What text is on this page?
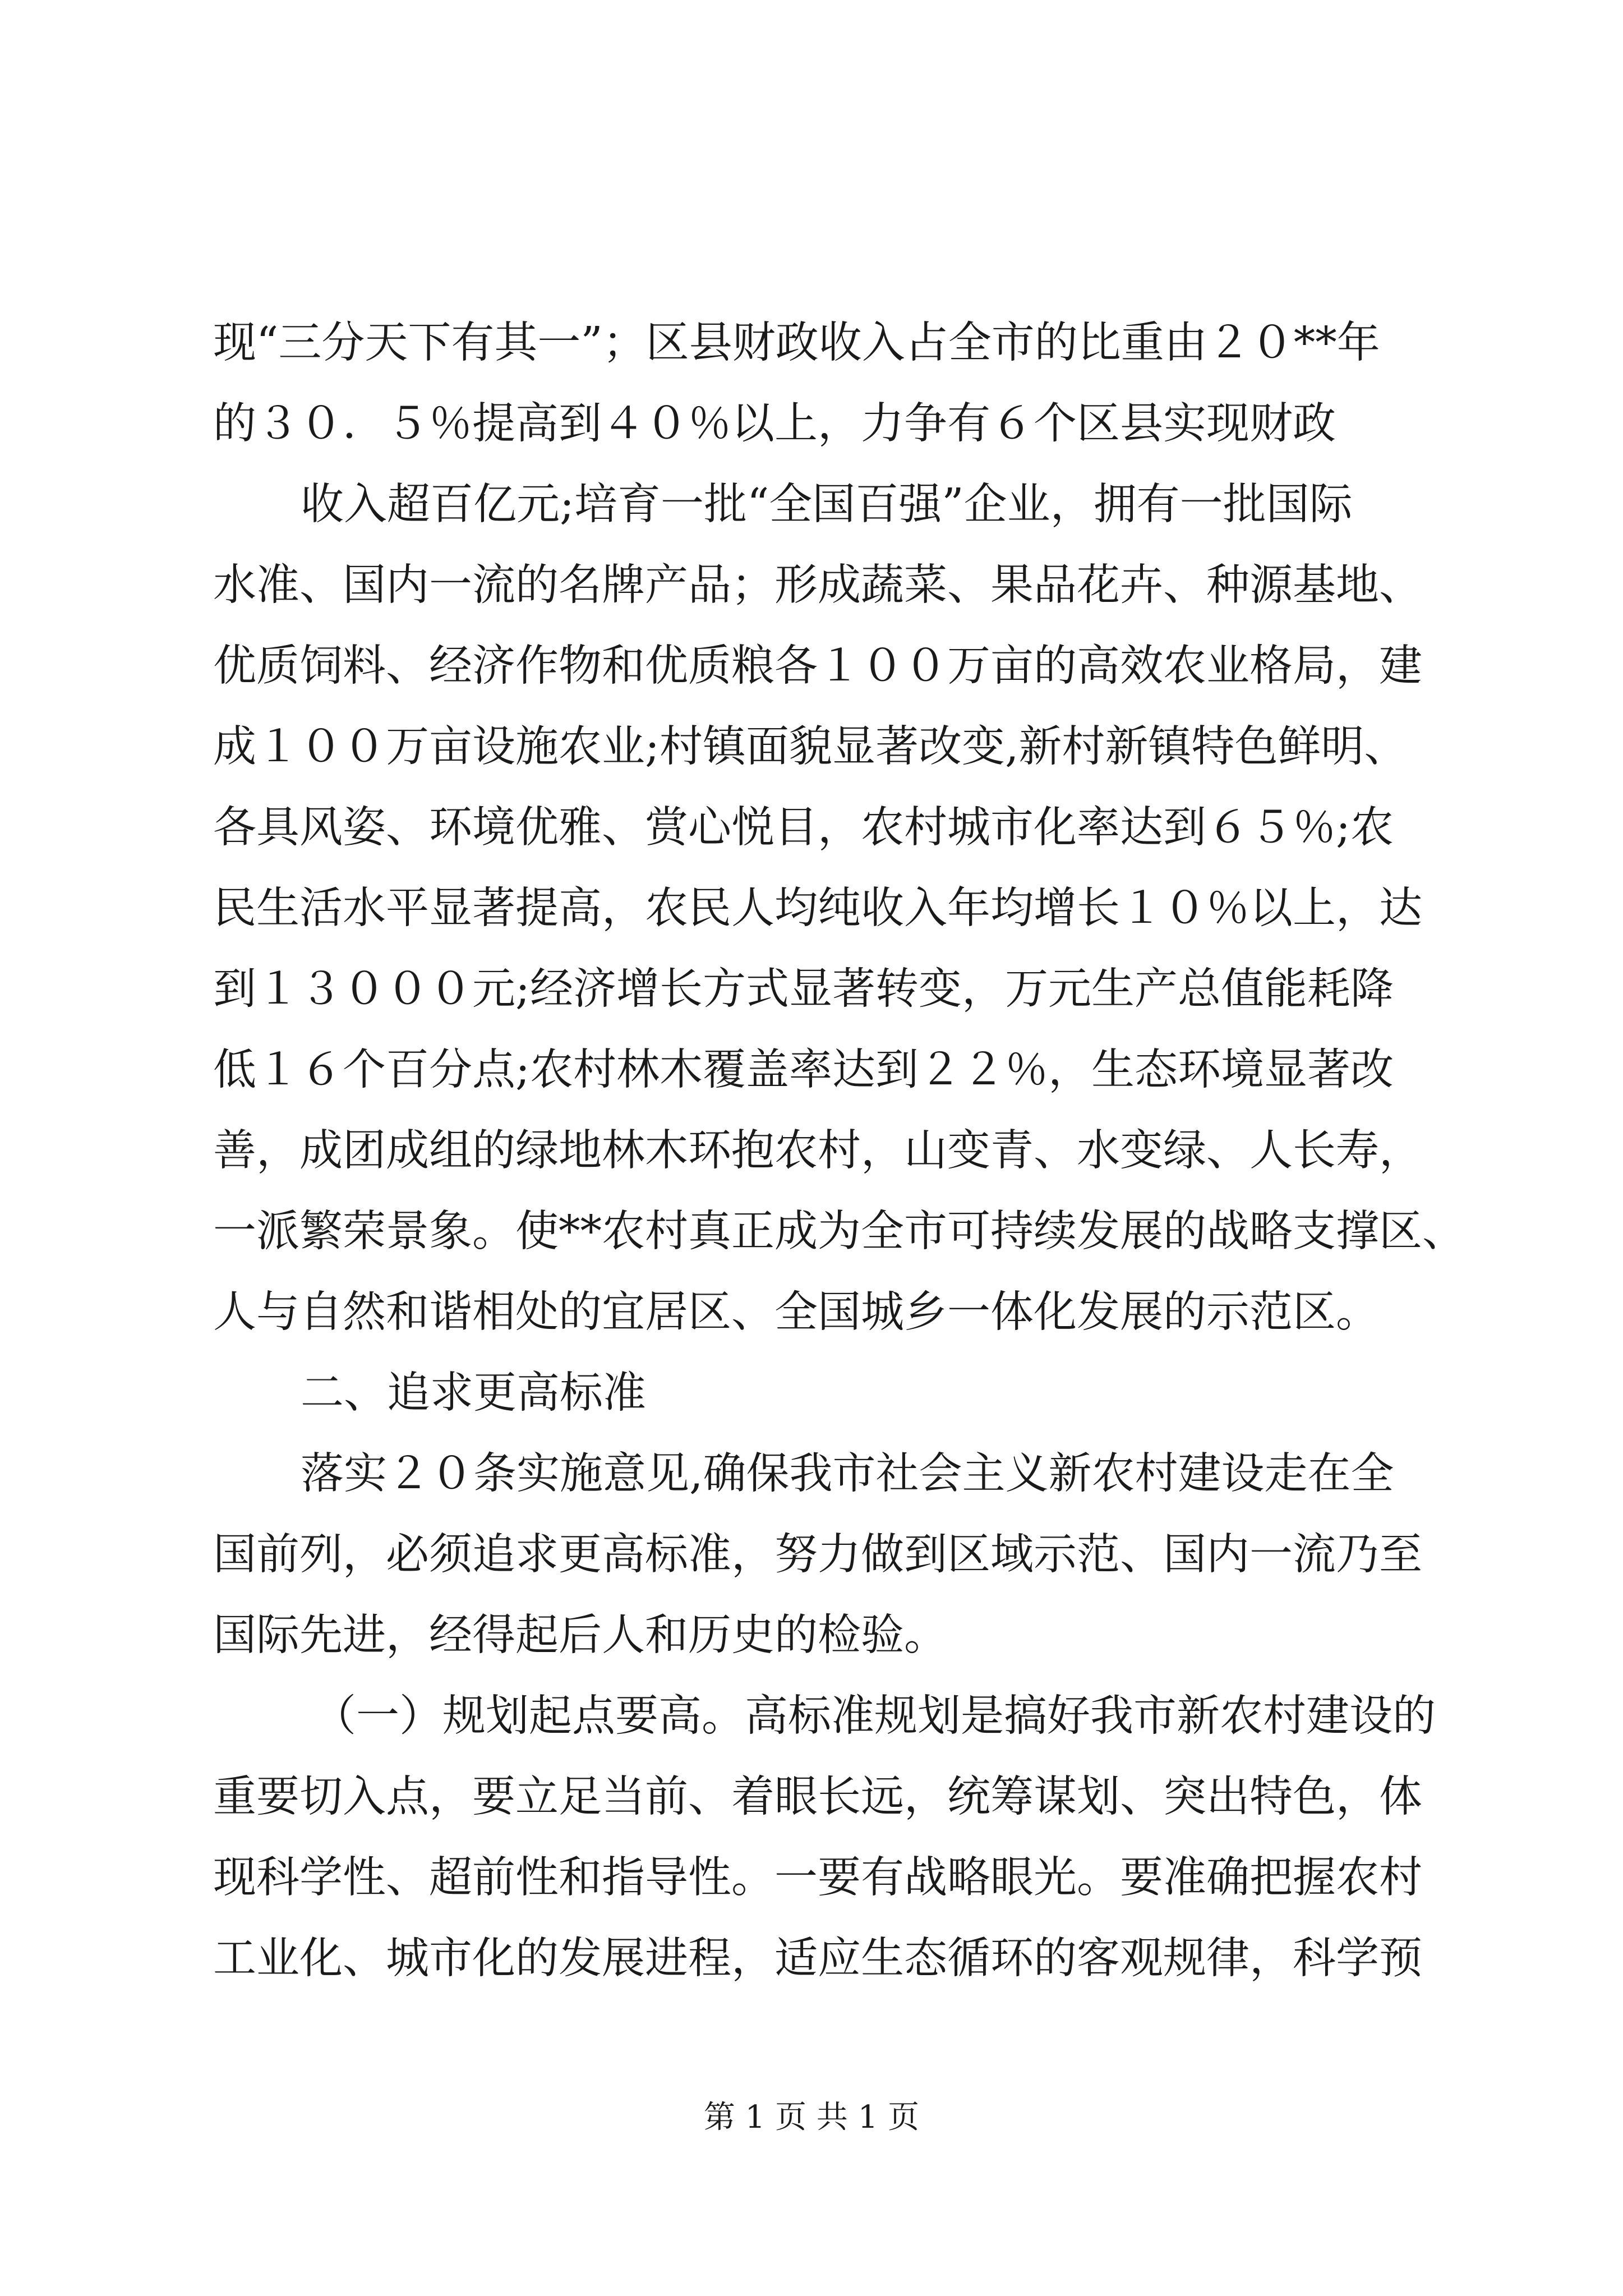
现“三分天下有其一”；区县财政收入占全市的比重由２０**年
的３０．５％提高到４０％以上，力争有６个区县实现财政
收入超百亿元;培育一批“全国百强”企业，拥有一批国际
水准、国内一流的名牌产品；形成蔬菜、果品花卉、种源基地、
优质饲料、经济作物和优质粮各１００万亩的高效农业格局，建
成１００万亩设施农业;村镇面貌显著改变,新村新镇特色鲜明、
各具风姿、环境优雅、赏心悦目，农村城市化率达到６５％;农
民生活水平显著提高，农民人均纯收入年均增长１０％以上，达
到１３０００元;经济增长方式显著转变，万元生产总值能耗降
低１６个百分点;农村林木覆盖率达到２２％，生态环境显著改
善，成团成组的绿地林木环抱农村，山变青、水变绿、人长寿，
一派繁荣景象。使**农村真正成为全市可持续发展的战略支撑区、
人与自然和谐相处的宜居区、全国城乡一体化发展的示范区。
二、追求更高标准
落实２０条实施意见,确保我市社会主义新农村建设走在全
国前列，必须追求更高标准，努力做到区域示范、国内一流乃至
国际先进，经得起后人和历史的检验。
（一）规划起点要高。高标准规划是搞好我市新农村建设的
重要切入点，要立足当前、着眼长远，统筹谋划、突出特色，体
现科学性、超前性和指导性。一要有战略眼光。要准确把握农村
工业化、城市化的发展进程，适应生态循环的客观规律，科学预
第 1 页 共 1 页
